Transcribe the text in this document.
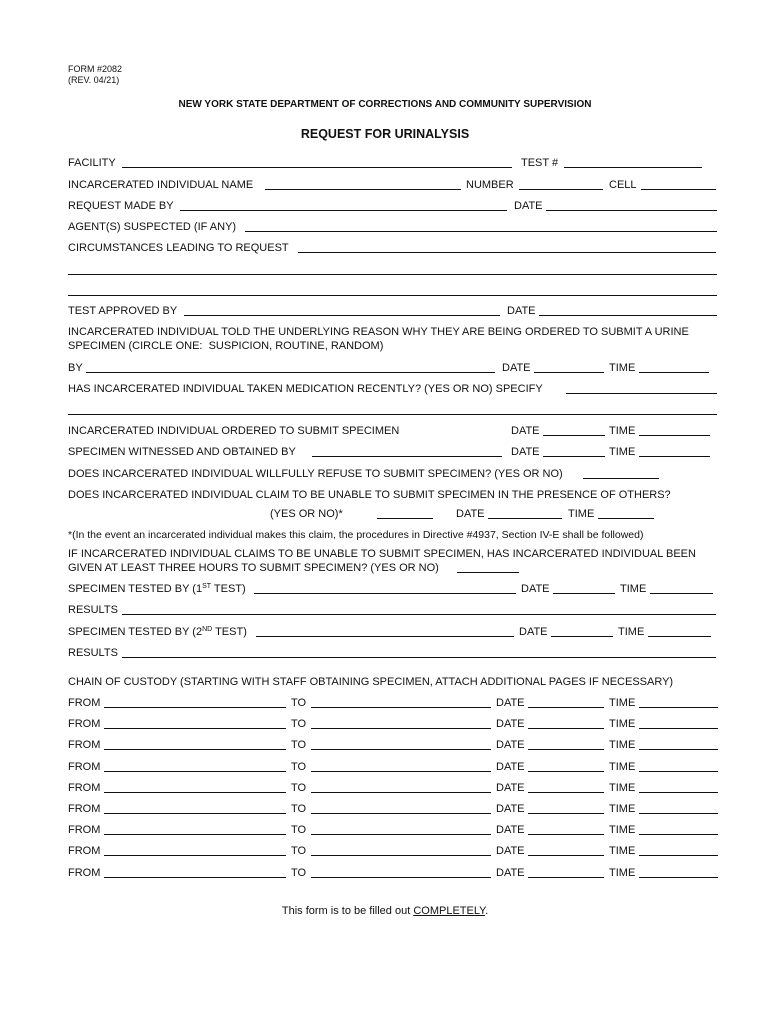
FORM #2082
(REV. 04/21)
NEW YORK STATE DEPARTMENT OF CORRECTIONS AND COMMUNITY SUPERVISION
REQUEST FOR URINALYSIS
FACILITY	TEST #
INCARCERATED INDIVIDUAL NAME	NUMBER	CELL
REQUEST MADE BY	DATE
AGENT(S) SUSPECTED (IF ANY)
CIRCUMSTANCES LEADING TO REQUEST
TEST APPROVED BY	DATE
INCARCERATED INDIVIDUAL TOLD THE UNDERLYING REASON WHY THEY ARE BEING ORDERED TO SUBMIT A URINE
SPECIMEN (CIRCLE ONE:  SUSPICION, ROUTINE, RANDOM)
BY	DATE	TIME
HAS INCARCERATED INDIVIDUAL TAKEN MEDICATION RECENTLY? (YES OR NO) SPECIFY
INCARCERATED INDIVIDUAL ORDERED TO SUBMIT SPECIMEN	DATE	TIME
SPECIMEN WITNESSED AND OBTAINED BY	DATE	TIME
DOES INCARCERATED INDIVIDUAL WILLFULLY REFUSE TO SUBMIT SPECIMEN? (YES OR NO)
DOES INCARCERATED INDIVIDUAL CLAIM TO BE UNABLE TO SUBMIT SPECIMEN IN THE PRESENCE OF OTHERS?
(YES OR NO)*	DATE	TIME
*(In the event an incarcerated individual makes this claim, the procedures in Directive #4937, Section IV-E shall be followed)
IF INCARCERATED INDIVIDUAL CLAIMS TO BE UNABLE TO SUBMIT SPECIMEN, HAS INCARCERATED INDIVIDUAL BEEN
GIVEN AT LEAST THREE HOURS TO SUBMIT SPECIMEN? (YES OR NO)
SPECIMEN TESTED BY (1ST TEST)	DATE	TIME
RESULTS
SPECIMEN TESTED BY (2ND TEST)	DATE	TIME
RESULTS
CHAIN OF CUSTODY (STARTING WITH STAFF OBTAINING SPECIMEN, ATTACH ADDITIONAL PAGES IF NECESSARY)
FROM	TO	DATE	TIME
FROM	TO	DATE	TIME
FROM	TO	DATE	TIME
FROM	TO	DATE	TIME
FROM	TO	DATE	TIME
FROM	TO	DATE	TIME
FROM	TO	DATE	TIME
FROM	TO	DATE	TIME
FROM	TO	DATE	TIME
This form is to be filled out COMPLETELY.
